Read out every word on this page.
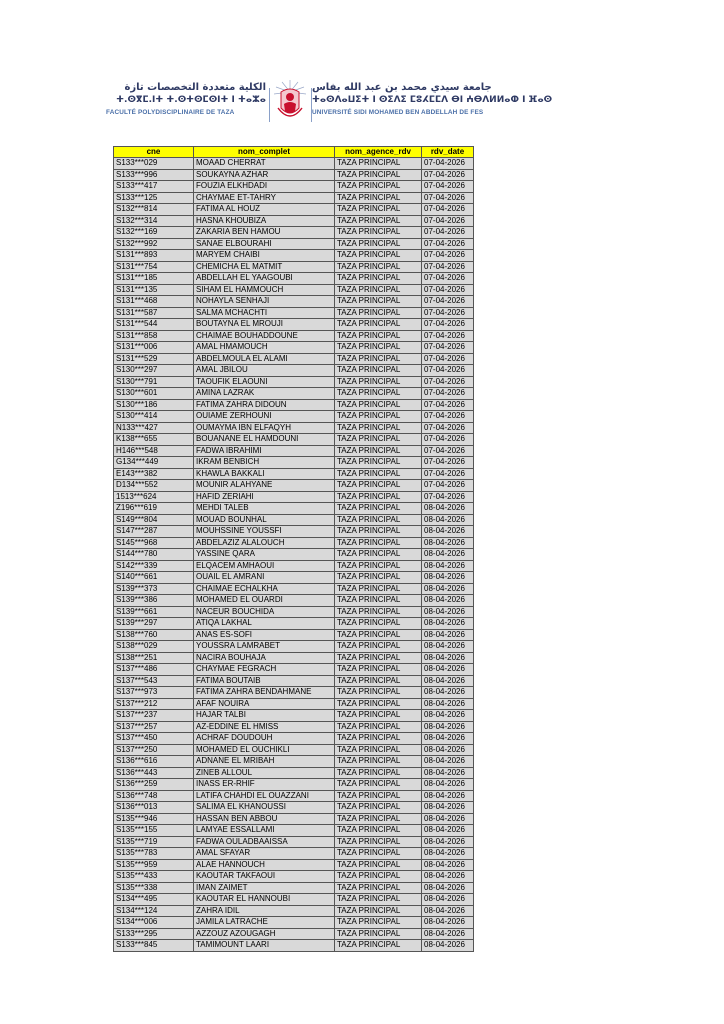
الكلية متعددة التخصصات تازة
ⵜ.ⵙⴳⵎ.ⵏⵜ ⵜ.ⵙⵜⵙⵎⵙⵏⵜ ⵏ ⵜⴰⵣⴰ
FACULTÉ POLYDISCIPLINAIRE DE TAZA
جامعة سيدي محمد بن عبد الله بفاس
ⵜⴰⵙⴷⴰⵡⵉⵜ ⵏ ⵙⵉⴷⵉ ⵎⵓⵃⵎⵎⴷ ⴱⵏ ⵄⴱⴷⵍⵍⴰⵀ ⵏ ⴼⴰⵙ
UNIVERSITÉ SIDI MOHAMED BEN ABDELLAH DE FES
cne	nom_complet	nom_agence_rdv	rdv_date
S133***029	MOAAD CHERRAT	TAZA PRINCIPAL	07-04-2026
S133***996	SOUKAYNA AZHAR	TAZA PRINCIPAL	07-04-2026
S133***417	FOUZIA ELKHDADI	TAZA PRINCIPAL	07-04-2026
S133***125	CHAYMAE ET-TAHRY	TAZA PRINCIPAL	07-04-2026
S132***814	FATIMA AL HOUZ	TAZA PRINCIPAL	07-04-2026
S132***314	HASNA KHOUBIZA	TAZA PRINCIPAL	07-04-2026
S132***169	ZAKARIA BEN HAMOU	TAZA PRINCIPAL	07-04-2026
S132***992	SANAE ELBOURAHI	TAZA PRINCIPAL	07-04-2026
S131***893	MARYEM CHAIBI	TAZA PRINCIPAL	07-04-2026
S131***754	CHEMICHA EL MATMIT	TAZA PRINCIPAL	07-04-2026
S131***185	ABDELLAH EL YAAGOUBI	TAZA PRINCIPAL	07-04-2026
S131***135	SIHAM EL HAMMOUCH	TAZA PRINCIPAL	07-04-2026
S131***468	NOHAYLA SENHAJI	TAZA PRINCIPAL	07-04-2026
S131***587	SALMA MCHACHTI	TAZA PRINCIPAL	07-04-2026
S131***544	BOUTAYNA EL MROUJI	TAZA PRINCIPAL	07-04-2026
S131***858	CHAIMAE BOUHADDOUNE	TAZA PRINCIPAL	07-04-2026
S131***006	AMAL HMAMOUCH	TAZA PRINCIPAL	07-04-2026
S131***529	ABDELMOULA EL ALAMI	TAZA PRINCIPAL	07-04-2026
S130***297	AMAL JBILOU	TAZA PRINCIPAL	07-04-2026
S130***791	TAOUFIK ELAOUNI	TAZA PRINCIPAL	07-04-2026
S130***601	AMINA LAZRAK	TAZA PRINCIPAL	07-04-2026
S130***186	FATIMA ZAHRA DIDOUN	TAZA PRINCIPAL	07-04-2026
S130***414	OUIAME ZERHOUNI	TAZA PRINCIPAL	07-04-2026
N133***427	OUMAYMA IBN ELFAQYH	TAZA PRINCIPAL	07-04-2026
K138***655	BOUANANE EL HAMDOUNI	TAZA PRINCIPAL	07-04-2026
H146***548	FADWA IBRAHIMI	TAZA PRINCIPAL	07-04-2026
G134***449	IKRAM BENBICH	TAZA PRINCIPAL	07-04-2026
E143***382	KHAWLA BAKKALI	TAZA PRINCIPAL	07-04-2026
D134***552	MOUNIR ALAHYANE	TAZA PRINCIPAL	07-04-2026
1513***624	HAFID ZERIAHI	TAZA PRINCIPAL	07-04-2026
Z196***619	MEHDI TALEB	TAZA PRINCIPAL	08-04-2026
S149***804	MOUAD BOUNHAL	TAZA PRINCIPAL	08-04-2026
S147***287	MOUHSSINE YOUSSFI	TAZA PRINCIPAL	08-04-2026
S145***968	ABDELAZIZ ALALOUCH	TAZA PRINCIPAL	08-04-2026
S144***780	YASSINE QARA	TAZA PRINCIPAL	08-04-2026
S142***339	ELQACEM AMHAOUI	TAZA PRINCIPAL	08-04-2026
S140***661	OUAIL EL AMRANI	TAZA PRINCIPAL	08-04-2026
S139***373	CHAIMAE ECHALKHA	TAZA PRINCIPAL	08-04-2026
S139***386	MOHAMED EL OUARDI	TAZA PRINCIPAL	08-04-2026
S139***661	NACEUR BOUCHIDA	TAZA PRINCIPAL	08-04-2026
S139***297	ATIQA LAKHAL	TAZA PRINCIPAL	08-04-2026
S138***760	ANAS ES-SOFI	TAZA PRINCIPAL	08-04-2026
S138***029	YOUSSRA LAMRABET	TAZA PRINCIPAL	08-04-2026
S138***251	NACIRA BOUHAJA	TAZA PRINCIPAL	08-04-2026
S137***486	CHAYMAE FEGRACH	TAZA PRINCIPAL	08-04-2026
S137***543	FATIMA BOUTAIB	TAZA PRINCIPAL	08-04-2026
S137***973	FATIMA ZAHRA BENDAHMANE	TAZA PRINCIPAL	08-04-2026
S137***212	AFAF NOUIRA	TAZA PRINCIPAL	08-04-2026
S137***237	HAJAR TALBI	TAZA PRINCIPAL	08-04-2026
S137***257	AZ-EDDINE EL HMISS	TAZA PRINCIPAL	08-04-2026
S137***450	ACHRAF DOUDOUH	TAZA PRINCIPAL	08-04-2026
S137***250	MOHAMED EL OUCHIKLI	TAZA PRINCIPAL	08-04-2026
S136***616	ADNANE EL MRIBAH	TAZA PRINCIPAL	08-04-2026
S136***443	ZINEB ALLOUL	TAZA PRINCIPAL	08-04-2026
S136***259	INASS ER-RHIF	TAZA PRINCIPAL	08-04-2026
S136***748	LATIFA CHAHDI EL OUAZZANI	TAZA PRINCIPAL	08-04-2026
S136***013	SALIMA EL KHANOUSSI	TAZA PRINCIPAL	08-04-2026
S135***946	HASSAN BEN ABBOU	TAZA PRINCIPAL	08-04-2026
S135***155	LAMYAE ESSALLAMI	TAZA PRINCIPAL	08-04-2026
S135***719	FADWA OULADBAAISSA	TAZA PRINCIPAL	08-04-2026
S135***783	AMAL SFAYAR	TAZA PRINCIPAL	08-04-2026
S135***959	ALAE HANNOUCH	TAZA PRINCIPAL	08-04-2026
S135***433	KAOUTAR TAKFAOUI	TAZA PRINCIPAL	08-04-2026
S135***338	IMAN ZAIMET	TAZA PRINCIPAL	08-04-2026
S134***495	KAOUTAR EL HANNOUBI	TAZA PRINCIPAL	08-04-2026
S134***124	ZAHRA IDIL	TAZA PRINCIPAL	08-04-2026
S134***006	JAMILA LATRACHE	TAZA PRINCIPAL	08-04-2026
S133***295	AZZOUZ AZOUGAGH	TAZA PRINCIPAL	08-04-2026
S133***845	TAMIMOUNT LAARI	TAZA PRINCIPAL	08-04-2026
